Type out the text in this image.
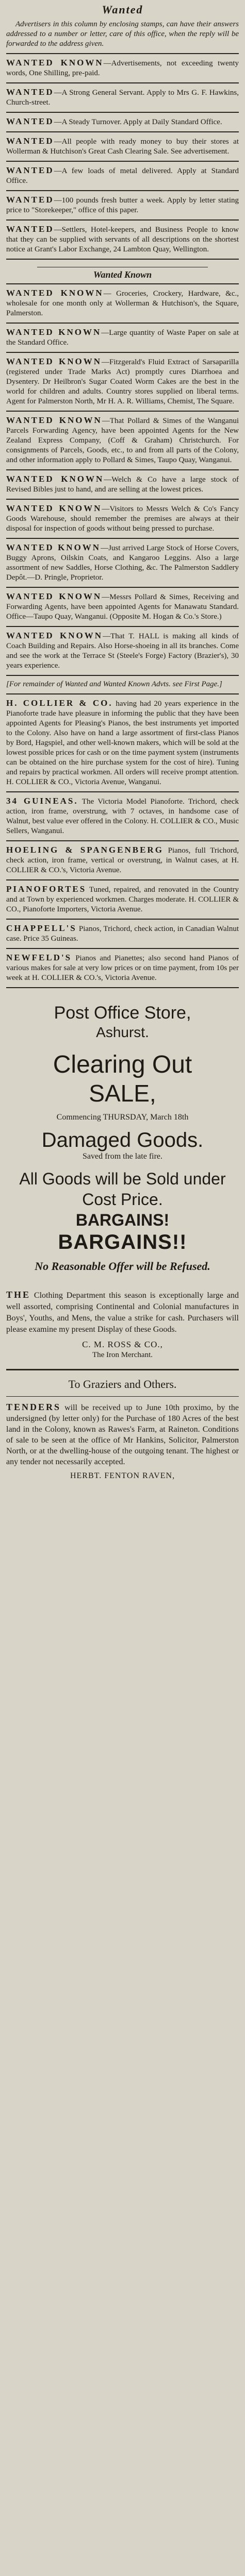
Wanted
Advertisers in this column by enclosing stamps, can have their answers addressed to a number or letter, care of this office, when the reply will be forwarded to the address given.

WANTED KNOWN—Advertisements, not exceeding twenty words, One Shilling, pre-paid.

WANTED—A Strong General Servant. Apply to Mrs G. F. Hawkins, Church-street.

WANTED—A Steady Turnover. Apply at Daily Standard Office.

WANTED—All people with ready money to buy their stores at Wollerman & Hutchison's Great Cash Clearing Sale. See advertisement.

WANTED—A few loads of metal delivered. Apply at Standard Office.

WANTED—100 pounds fresh butter a week. Apply by letter stating price to "Storekeeper," office of this paper.

WANTED—Settlers, Hotel-keepers, and Business People to know that they can be supplied with servants of all descriptions on the shortest notice at Grant's Labor Exchange, 24 Lambton Quay, Wellington.

Wanted Known

WANTED KNOWN— Groceries, Crockery, Hardware, &c., wholesale for one month only at Wollerman & Hutchison's, the Square, Palmerston.

WANTED KNOWN—Large quantity of Waste Paper on sale at the Standard Office.

WANTED KNOWN—Fitzgerald's Fluid Extract of Sarsaparilla (registered under Trade Marks Act) promptly cures Diarrhoea and Dysentery. Dr Heilbron's Sugar Coated Worm Cakes are the best in the world for children and adults. Country stores supplied on liberal terms. Agent for Palmerston North, Mr H. A. R. Williams, Chemist, The Square.

WANTED KNOWN—That Pollard & Simes of the Wanganui Parcels Forwarding Agency, have been appointed Agents for the New Zealand Express Company, (Coff & Graham) Christchurch. For consignments of Parcels, Goods, etc., to and from all parts of the Colony, and other information apply to Pollard & Simes, Taupo Quay, Wanganui.

WANTED KNOWN—Welch & Co have a large stock of Revised Bibles just to hand, and are selling at the lowest prices.

WANTED KNOWN—Visitors to Messrs Welch & Co's Fancy Goods Warehouse, should remember the premises are always at their disposal for inspection of goods without being pressed to purchase.

WANTED KNOWN—Just arrived Large Stock of Horse Covers, Buggy Aprons, Oilskin Coats, and Kangaroo Leggins. Also a large assortment of new Saddles, Horse Clothing, &c. The Palmerston Saddlery Depôt.—D. Pringle, Proprietor.

WANTED KNOWN—Messrs Pollard & Simes, Receiving and Forwarding Agents, have been appointed Agents for Manawatu Standard. Office—Taupo Quay, Wanganui. (Opposite M. Hogan & Co.'s Store.)

WANTED KNOWN—That T. HALL is making all kinds of Coach Building and Repairs. Also Horse-shoeing in all its branches. Come and see the work at the Terrace St (Steele's Forge) Factory (Brazier's), 30 years experience.

[For remainder of Wanted and Wanted Known Advts. see First Page.]

H. COLLIER & CO. having had 20 years experience in the Pianoforte trade have pleasure in informing the public that they have been appointed Agents for Pleasing's Pianos, the best instruments yet imported to the Colony. Also have on hand a large assortment of first-class Pianos by Bord, Hagspiel, and other well-known makers, which will be sold at the lowest possible prices for cash or on the time payment system (instruments can be obtained on the hire purchase system for the cost of hire). Tuning and repairs by practical workmen. All orders will receive prompt attention. H. COLLIER & CO., Victoria Avenue, Wanganui.

34 GUINEAS. The Victoria Model Pianoforte. Trichord, check action, iron frame, overstrung, with 7 octaves, in handsome case of Walnut, best value ever offered in the Colony. H. COLLIER & CO., Music Sellers, Wanganui.

HOELING & SPANGENBERG Pianos, full Trichord, check action, iron frame, vertical or overstrung, in Walnut cases, at H. COLLIER & CO.'s, Victoria Avenue.

PIANOFORTES Tuned, repaired, and renovated in the Country and at Town by experienced workmen. Charges moderate. H. COLLIER & CO., Pianoforte Importers, Victoria Avenue.

CHAPPELL'S Pianos, Trichord, check action, in Canadian Walnut case. Price 35 Guineas.

NEWFELD'S Pianos and Pianettes; also second hand Pianos of various makes for sale at very low prices or on time payment, from 10s per week at H. COLLIER & CO.'s, Victoria Avenue.

Post Office Store,
Ashurst.
Clearing Out
SALE,
Commencing THURSDAY, March 18th
Damaged Goods.
Saved from the late fire.
All Goods will be Sold under
Cost Price.
BARGAINS!
BARGAINS!!
No Reasonable Offer will be Refused.
THE Clothing Department this season is exceptionally large and well assorted, comprising Continental and Colonial manufactures in Boys', Youths, and Mens, the value a strike for cash. Purchasers will please examine my present Display of these Goods.
C. M. ROSS & CO.,
The Iron Merchant.
To Graziers and Others.
TENDERS will be received up to June 10th proximo, by the undersigned (by letter only) for the Purchase of 180 Acres of the best land in the Colony, known as Rawes's Farm, at Raineton. Conditions of sale to be seen at the office of Mr Hankins, Solicitor, Palmerston North, or at the dwelling-house of the outgoing tenant. The highest or any tender not necessarily accepted.
HERBT. FENTON RAVEN,
